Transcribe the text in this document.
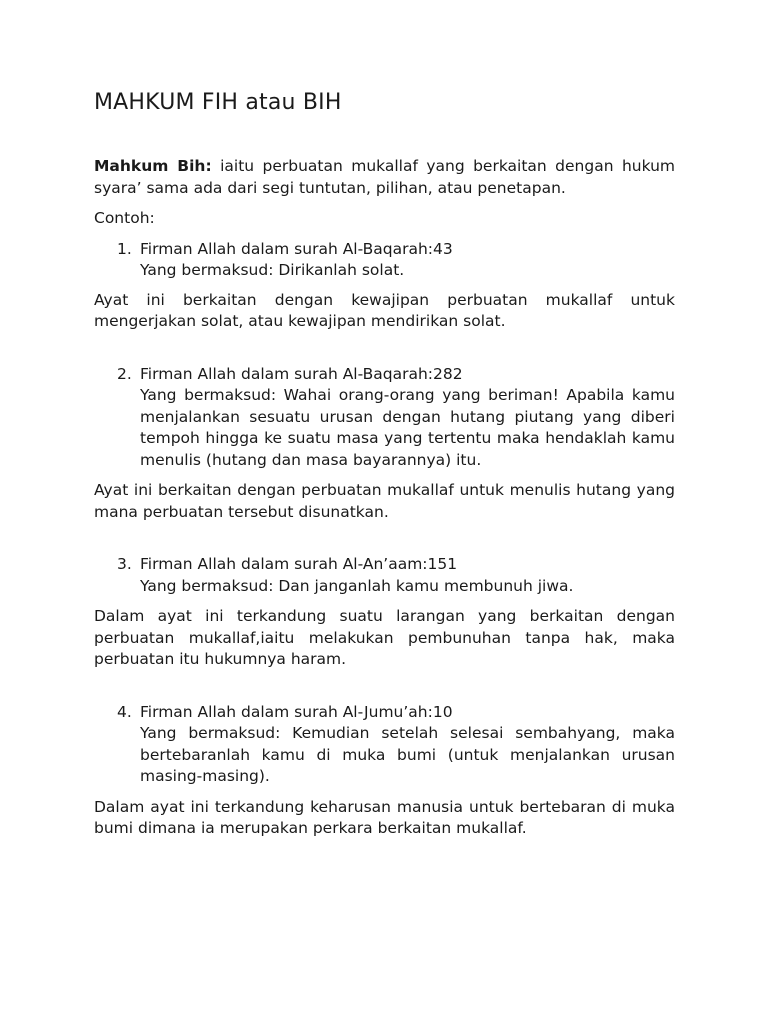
MAHKUM FIH atau BIH

Mahkum Bih: iaitu perbuatan mukallaf yang berkaitan dengan hukum syara’ sama ada dari segi tuntutan, pilihan, atau penetapan.

Contoh:

1. Firman Allah dalam surah Al-Baqarah:43
Yang bermaksud: Dirikanlah solat.

Ayat ini berkaitan dengan kewajipan perbuatan mukallaf untuk mengerjakan solat, atau kewajipan mendirikan solat.

2. Firman Allah dalam surah Al-Baqarah:282
Yang bermaksud: Wahai orang-orang yang beriman! Apabila kamu menjalankan sesuatu urusan dengan hutang piutang yang diberi tempoh hingga ke suatu masa yang tertentu maka hendaklah kamu menulis (hutang dan masa bayarannya) itu.

Ayat ini berkaitan dengan perbuatan mukallaf untuk menulis hutang yang mana perbuatan tersebut disunatkan.

3. Firman Allah dalam surah Al-An’aam:151
Yang bermaksud: Dan janganlah kamu membunuh jiwa.

Dalam ayat ini terkandung suatu larangan yang berkaitan dengan perbuatan mukallaf,iaitu melakukan pembunuhan tanpa hak, maka perbuatan itu hukumnya haram.

4. Firman Allah dalam surah Al-Jumu’ah:10
Yang bermaksud: Kemudian setelah selesai sembahyang, maka bertebaranlah kamu di muka bumi (untuk menjalankan urusan masing-masing).

Dalam ayat ini terkandung keharusan manusia untuk bertebaran di muka bumi dimana ia merupakan perkara berkaitan mukallaf.
